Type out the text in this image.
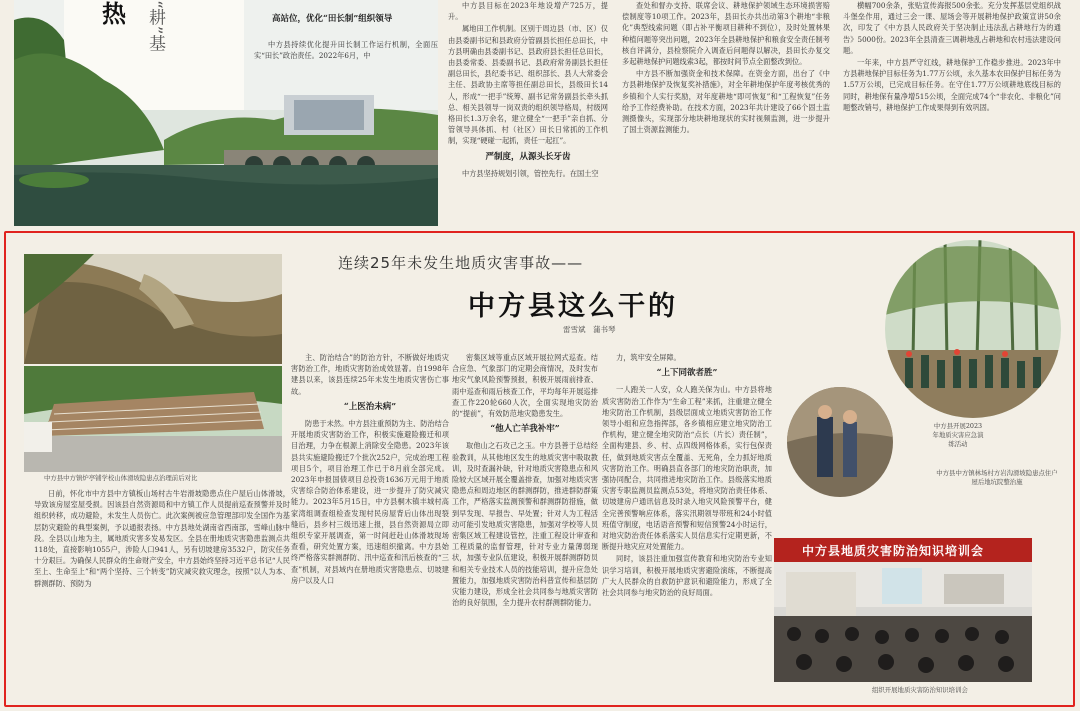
热 “耕”基	高站位，优化“田长制”组织领导

中方县持续优化提升田长制工作运行机制，全面压实“田长”政治责任。2022年6月，中

中方县目标在2023年地设增产725万，提升。

属地田工作机制。区别于周边县（市、区）仅由县委副书记和县政府分管副县长担任总田长，中方县明确由县委副书记、县政府县长担任总田长，由县委常委、县委副书记、县政府常务副县长担任副总田长，县纪委书记、组织部长、县人大常委会主任、县政协主席等担任副总田长，县级田长14人，形成“一把手”统筹、副书记常务副县长牵头抓总、相关县领导一岗双责的组织领导格局，村级网格田长1.3万余名，建立健全“一把手”亲自抓、分管领导具体抓、村（社区）田长日常抓的工作机制，实现“硬碰一起抓，责任一起扛”。

严制度，从源头长牙齿

中方县坚持规划引领，管控先行。在国土空

查处和督办支持、联席会议、耕地保护领域生态环境损害赔偿制度等10项工作。2023年，县田长办共出动第3个耕地“非粮化”典型线索问题（即占补平衡项目耕种不到位），及时处置林果种植问题等突出问题，2023年全县耕地保护和粮食安全责任制考核自评满分，县检察院介入调查后问题得以解决，县田长办复交多起耕地保护问题线索3起，都按时间节点全面整改到位。

中方县不断加强资金和技术保障。在资金方面，出台了《中方县耕地保护及恢复奖补措施》，对全年耕地保护年度考核优秀的乡镇和个人实行奖励，对年度耕地“即可恢复”和“工程恢复”任务给予工作经费补助。在技术方面，2023年共计建设了66个固土监测摄像头，实现部分地块耕地现状的实时视频监测，进一步提升了国土资源监测能力。

横幅700余条，张贴宣传海报500余张。充分发挥基层党组织战斗堡垒作用，通过三会一课、屋场会等开展耕地保护政策宣讲50余次，印发了《中方县人民政府关于坚决制止违法乱占耕地行为的通告》5000份。2023年全县清查三调耕地乱占耕地和农村违法建设问题。

一年来，中方县严守红线，耕地保护工作稳步推进。2023年中方县耕地保护目标任务为1.77万公顷，永久基本农田保护目标任务为1.57万公顷，已完成目标任务。在守住1.77万公顷耕地底线目标的同时，耕地保有量净增515公顷，全面完成74个“非农化、非粮化”问题整改销号，耕地保护工作成果得到有效巩固。

连续25年未发生地质灾害事故——
中方县这么干的
雷雪斌　蒲书琴
中方县中方镇炉亭铺学校山体滑坡隐患点治理前后对比

日前，怀化市中方县中方镇板山场村古牛岩滑坡隐患点住户屋后山体滑坡，导致该房屋室屋受损。因该县自然资源局和中方镇工作人员提前巡查预警并及时组织转移，成功避险，未发生人员伤亡。此次案例被应急管理部印发全国作为基层防灾避险的典型案例，予以通报表扬。中方县地处湖南省西南部，雪峰山脉中段。全县以山地为主，属地质灾害多发易发区。全县在册地质灾害隐患监测点共118处，直接影响1055户，涉险人口941人，另有切坡建房3532户，防灾任务十分艰巨。为确保人民群众的生命财产安全，中方县始终坚持习近平总书记“人民至上、生命至上”和“两个坚持、三个转变”防灾减灾救灾理念，按照“以人为本、群测群防、预防为

主、防治结合”的防治方针，不断做好地质灾害防治工作，地质灾害防治成效显著。自1998年建县以来，该县连续25年未发生地质灾害伤亡事故。

“上医治未病”

防患于未然。中方县注重预防为主、防治结合开展地质灾害防治工作，积极实施避险搬迁和项目治理，力争在根源上消除安全隐患。2023年该县共实施避险搬迁7个批次252户，完成治理工程项目5个，项目治理工作已于8月前全部完成。2023年申报国债项目总投资1636万元用于地质灾害综合防治体系建设，进一步提升了防灾减灾能力。2023年5月15日，中方县桐木镇丰城村高家湾组调查组检查发现村民房屋背后山体出现裂缝后，县乡村三级迅速上报，县自然资源局立即组织专家开展调查，第一时间赶赴山体滑坡现场查看，研究处置方案，迅速组织撤离。中方县始终严格落实群测群防、汛中巡查和汛后核查的“三查”机制，对县域内在册地质灾害隐患点、切坡建房户以及人口

密集区域等重点区域开展拉网式巡查。结合应急、气象部门的定期会商情况，及时发布地灾气象风险预警预报，积极开展雨前排查、雨中巡查和雨后核查工作，平均每年开展巡排查工作220轮660人次，全面实现地灾防治的“提前”，有效防范地灾隐患发生。

“他人亡羊我补牢”

取他山之石攻己之玉。中方县善于总结经验教训，从其他地区发生的地质灾害中吸取教训，及时查漏补缺，针对地质灾害隐患点和风险较大区域开展全覆盖排查，加强对地质灾害隐患点和周边地区的群测群防，推进群防群策工作，严格落实监测预警和群测群防措施，做到早发现、早报告、早处置；针对人为工程活动可能引发地质灾害隐患，加强对学校等人员密集区域工程建设管控，注重工程设计审查和工程质量的监督管理，针对专业力量薄弱现状，加强专业队伍建设，积极开展群测群防员和相关专业技术人员的技能培训，提升应急处置能力，加强地质灾害防治科普宣传和基层防灾能力建设，形成全社会共同参与地质灾害防治的良好氛围，全力提升农村群测群防能力。

力，筑牢安全屏障。

“上下同欲者胜”

一人跑关一人安，众人跑关保为山。中方县将地质灾害防治工作作为“生命工程”来抓，注重建立健全地灾防治工作机制，县级层面成立地质灾害防治工作领导小组和应急指挥部，各乡镇相应建立地灾防治工作机构，建立健全地灾防治“点长（片长）责任制”，全面构建县、乡、村、点四级网格体系，实行包保责任，做到地质灾害点全覆盖、无死角，全力抓好地质灾害防治工作。明确县直各部门的地灾防治职责，加强协同配合，共同推进地灾防治工作。县级落实地质灾害专职监测员监测点53处，将地灾防治责任体系、切坡建房户通讯信息及时录入地灾风险预警平台，健全完善预警响应体系，落实汛期领导带班和24小时值班值守制度，电话语音预警和短信预警24小时运行，对地灾防治责任体系落实人员信息实行定期更新，不断提升地灾应对处置能力。

同时，该县注重加强宣传教育和地灾防治专业知识学习培训，积极开展地质灾害避险演练，不断提高广大人民群众的自救防护意识和避险能力，形成了全社会共同参与地灾防治的良好局面。

中方县开展2023年地质灾害应急演练活动
中方县中方镇林场村方岩沟滑坡隐患点住户屋后地坑院整治施
中方县地质灾害防治知识培训会
组织开展地质灾害防治知识培训会
